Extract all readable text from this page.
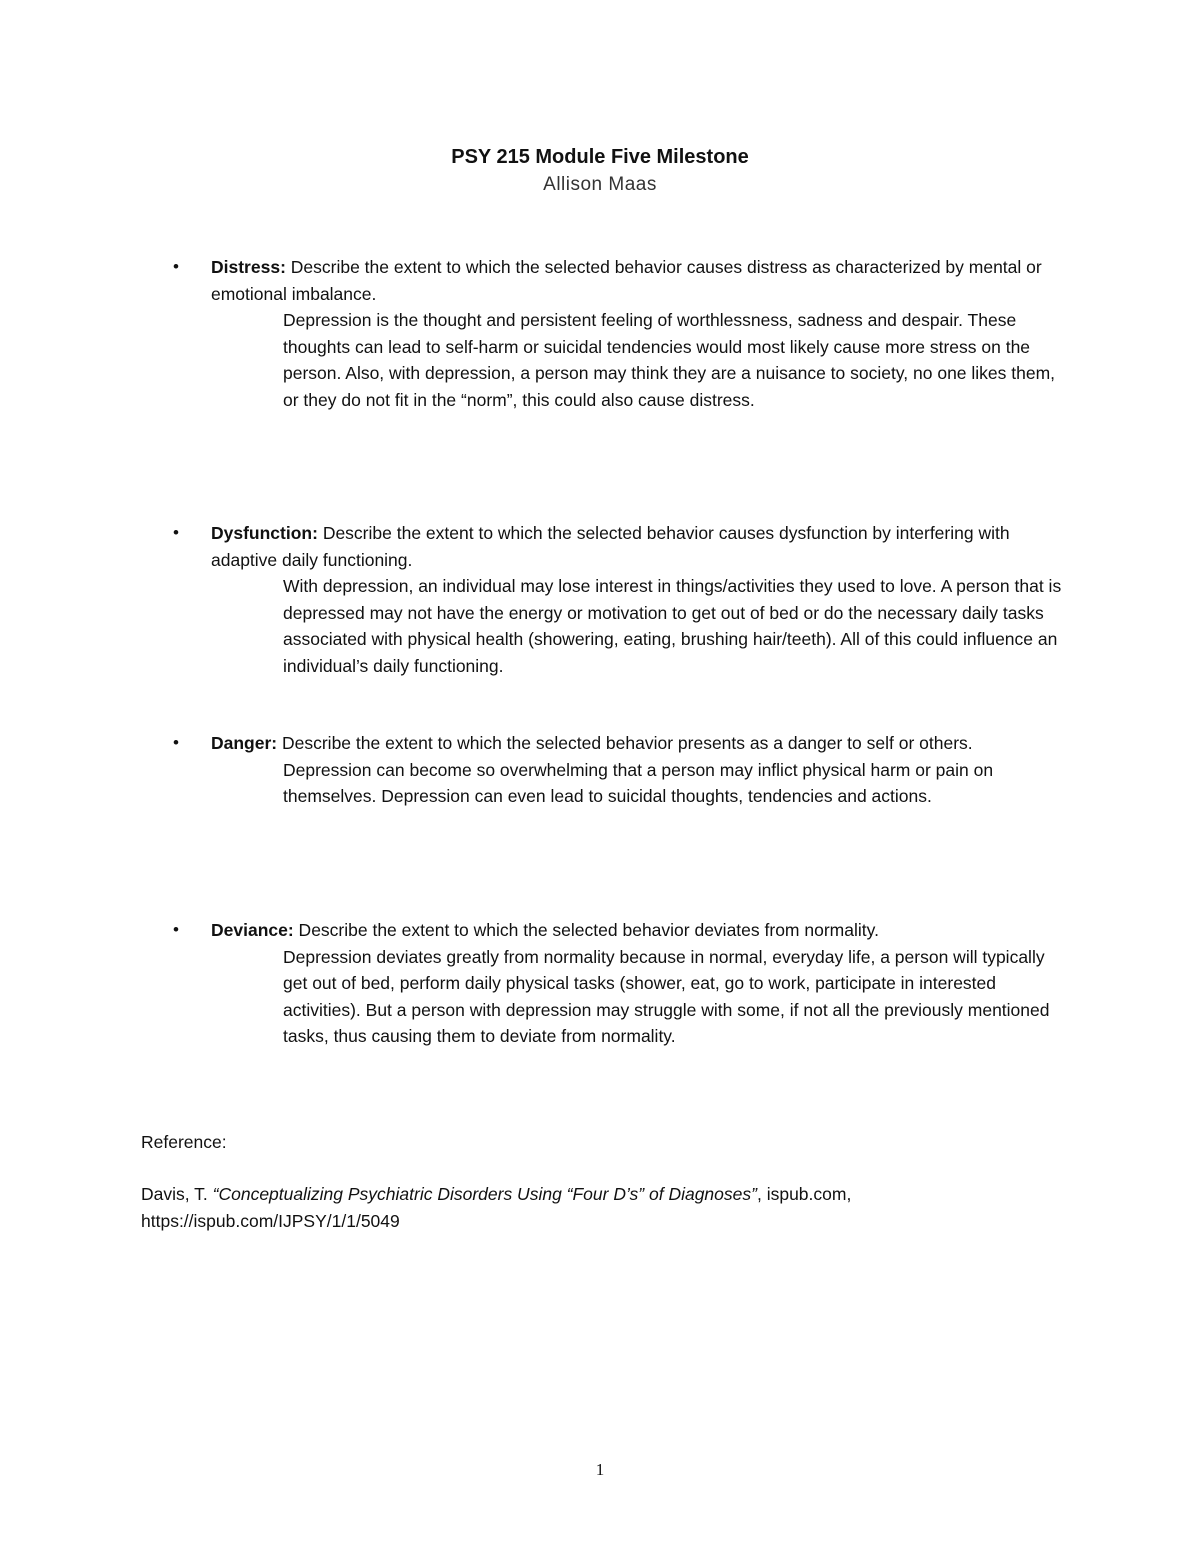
PSY 215 Module Five Milestone
Allison Maas
•	Distress: Describe the extent to which the selected behavior causes distress as characterized by mental or emotional imbalance.
Depression is the thought and persistent feeling of worthlessness, sadness and despair. These thoughts can lead to self-harm or suicidal tendencies would most likely cause more stress on the person. Also, with depression, a person may think they are a nuisance to society, no one likes them, or they do not fit in the “norm”, this could also cause distress.
•	Dysfunction: Describe the extent to which the selected behavior causes dysfunction by interfering with adaptive daily functioning.
With depression, an individual may lose interest in things/activities they used to love. A person that is depressed may not have the energy or motivation to get out of bed or do the necessary daily tasks associated with physical health (showering, eating, brushing hair/teeth). All of this could influence an individual’s daily functioning.
•	Danger: Describe the extent to which the selected behavior presents as a danger to self or others.
Depression can become so overwhelming that a person may inflict physical harm or pain on themselves. Depression can even lead to suicidal thoughts, tendencies and actions.
•	Deviance: Describe the extent to which the selected behavior deviates from normality.
Depression deviates greatly from normality because in normal, everyday life, a person will typically get out of bed, perform daily physical tasks (shower, eat, go to work, participate in interested activities). But a person with depression may struggle with some, if not all the previously mentioned tasks, thus causing them to deviate from normality.
Reference:
Davis, T. “Conceptualizing Psychiatric Disorders Using “Four D’s” of Diagnoses”, ispub.com,
https://ispub.com/IJPSY/1/1/5049
1
